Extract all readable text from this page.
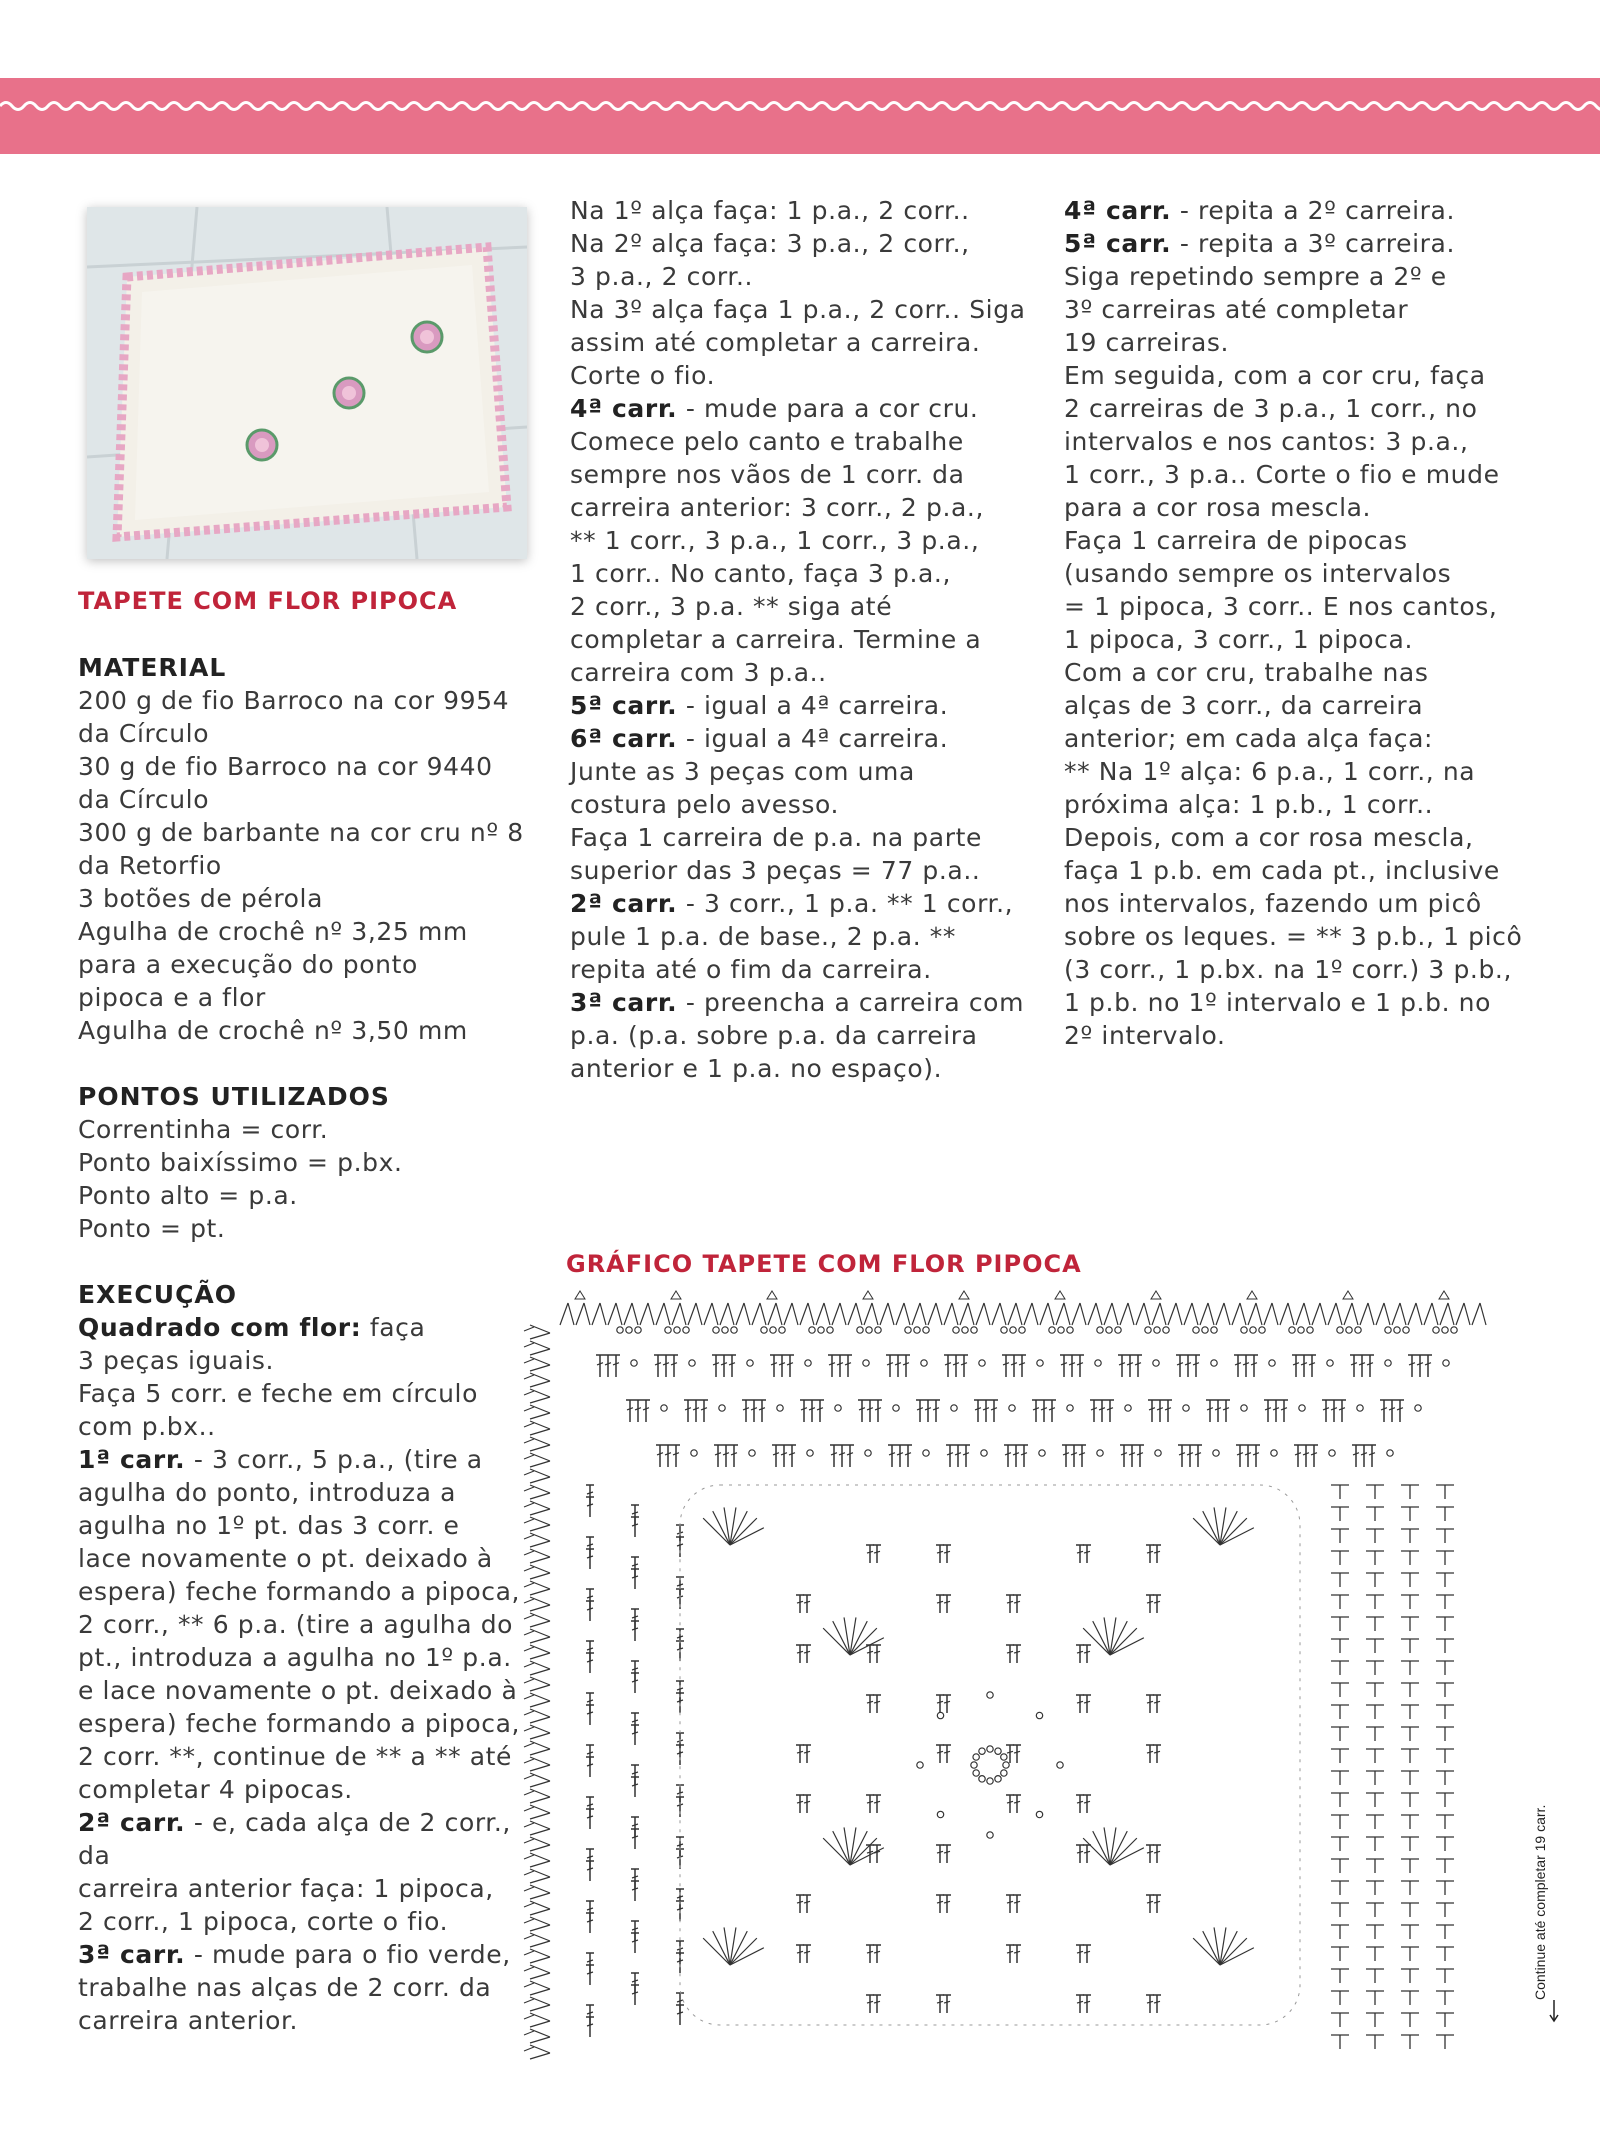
TAPETE COM FLOR PIPOCA

MATERIAL

200 g de fio Barroco na cor 9954

da Círculo

30 g de fio Barroco na cor 9440

da Círculo

300 g de barbante na cor cru nº 8

da Retorfio

3 botões de pérola

Agulha de crochê nº 3,25 mm

para a execução do ponto

pipoca e a flor

Agulha de crochê nº 3,50 mm

PONTOS UTILIZADOS

Correntinha = corr.

Ponto baixíssimo = p.bx.

Ponto alto = p.a.

Ponto = pt.

EXECUÇÃO

Quadrado com flor: faça

3 peças iguais.

Faça 5 corr. e feche em círculo

com p.bx..

1ª carr. - 3 corr., 5 p.a., (tire a

agulha do ponto, introduza a

agulha no 1º pt. das 3 corr. e

lace novamente o pt. deixado à

espera) feche formando a pipoca,

2 corr., ** 6 p.a. (tire a agulha do

pt., introduza a agulha no 1º p.a.

e lace novamente o pt. deixado à

espera) feche formando a pipoca,

2 corr. **, continue de ** a ** até

completar 4 pipocas.

2ª carr. - e, cada alça de 2 corr., da

carreira anterior faça: 1 pipoca,

2 corr., 1 pipoca, corte o fio.

3ª carr. - mude para o fio verde,

trabalhe nas alças de 2 corr. da

carreira anterior.

Na 1º alça faça: 1 p.a., 2 corr..

Na 2º alça faça: 3 p.a., 2 corr.,

3 p.a., 2 corr..

Na 3º alça faça 1 p.a., 2 corr.. Siga

assim até completar a carreira.

Corte o fio.

4ª carr. - mude para a cor cru.

Comece pelo canto e trabalhe

sempre nos vãos de 1 corr. da

carreira anterior: 3 corr., 2 p.a.,

** 1 corr., 3 p.a., 1 corr., 3 p.a.,

1 corr.. No canto, faça 3 p.a.,

2 corr., 3 p.a. ** siga até

completar a carreira. Termine a

carreira com 3 p.a..

5ª carr. - igual a 4ª carreira.

6ª carr. - igual a 4ª carreira.

Junte as 3 peças com uma

costura pelo avesso.

Faça 1 carreira de p.a. na parte

superior das 3 peças = 77 p.a..

2ª carr. - 3 corr., 1 p.a. ** 1 corr.,

pule 1 p.a. de base., 2 p.a. **

repita até o fim da carreira.

3ª carr. - preencha a carreira com

p.a. (p.a. sobre p.a. da carreira

anterior e 1 p.a. no espaço).

4ª carr. - repita a 2º carreira.

5ª carr. - repita a 3º carreira.

Siga repetindo sempre a 2º e

3º carreiras até completar

19 carreiras.

Em seguida, com a cor cru, faça

2 carreiras de 3 p.a., 1 corr., no

intervalos e nos cantos: 3 p.a.,

1 corr., 3 p.a.. Corte o fio e mude

para a cor rosa mescla.

Faça 1 carreira de pipocas

(usando sempre os intervalos

= 1 pipoca, 3 corr.. E nos cantos,

1 pipoca, 3 corr., 1 pipoca.

Com a cor cru, trabalhe nas

alças de 3 corr., da carreira

anterior; em cada alça faça:

** Na 1º alça: 6 p.a., 1 corr., na

próxima alça: 1 p.b., 1 corr..

Depois, com a cor rosa mescla,

faça 1 p.b. em cada pt., inclusive

nos intervalos, fazendo um picô

sobre os leques. = ** 3 p.b., 1 picô

(3 corr., 1 p.bx. na 1º corr.) 3 p.b.,

1 p.b. no 1º intervalo e 1 p.b. no

2º intervalo.

GRÁFICO TAPETE COM FLOR PIPOCA

Continue até completar 19 carr.
